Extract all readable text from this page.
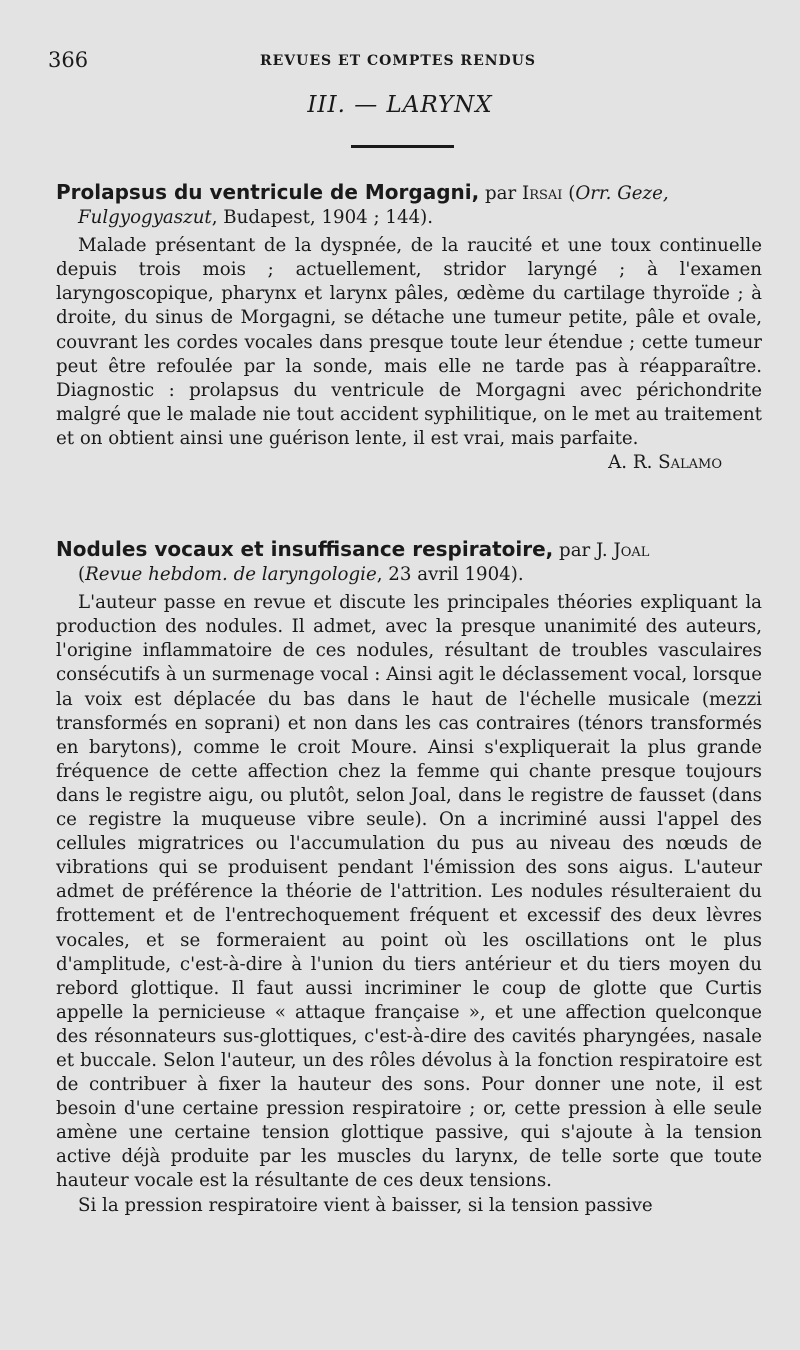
366	REVUES ET COMPTES RENDUS
III. — LARYNX

Prolapsus du ventricule de Morgagni, par Irsai (Orr. Geze,

Fulgyogyaszut, Budapest, 1904 ; 144).

Malade présentant de la dyspnée, de la raucité et une toux continuelle depuis trois mois ; actuellement, stridor laryngé ; à l'examen laryngoscopique, pharynx et larynx pâles, œdème du cartilage thyroïde ; à droite, du sinus de Morgagni, se détache une tumeur petite, pâle et ovale, couvrant les cordes vocales dans presque toute leur étendue ; cette tumeur peut être refoulée par la sonde, mais elle ne tarde pas à réapparaître. Diagnostic : prolapsus du ventricule de Morgagni avec périchondrite malgré que le malade nie tout accident syphilitique, on le met au traitement et on obtient ainsi une guérison lente, il est vrai, mais parfaite.

A. R. Salamo

Nodules vocaux et insuffisance respiratoire, par J. Joal

(Revue hebdom. de laryngologie, 23 avril 1904).

L'auteur passe en revue et discute les principales théories expliquant la production des nodules. Il admet, avec la presque unanimité des auteurs, l'origine inflammatoire de ces nodules, résultant de troubles vasculaires consécutifs à un surmenage vocal : Ainsi agit le déclassement vocal, lorsque la voix est déplacée du bas dans le haut de l'échelle musicale (mezzi transformés en soprani) et non dans les cas contraires (ténors transformés en barytons), comme le croit Moure. Ainsi s'expliquerait la plus grande fréquence de cette affection chez la femme qui chante presque toujours dans le registre aigu, ou plutôt, selon Joal, dans le registre de fausset (dans ce registre la muqueuse vibre seule). On a incriminé aussi l'appel des cellules migratrices ou l'accumulation du pus au niveau des nœuds de vibrations qui se produisent pendant l'émission des sons aigus. L'auteur admet de préférence la théorie de l'attrition. Les nodules résulteraient du frottement et de l'entrechoquement fréquent et excessif des deux lèvres vocales, et se formeraient au point où les oscillations ont le plus d'amplitude, c'est-à-dire à l'union du tiers antérieur et du tiers moyen du rebord glottique. Il faut aussi incriminer le coup de glotte que Curtis appelle la pernicieuse « attaque française », et une affection quelconque des résonnateurs sus-glottiques, c'est-à-dire des cavités pharyngées, nasale et buccale. Selon l'auteur, un des rôles dévolus à la fonction respiratoire est de contribuer à fixer la hauteur des sons. Pour donner une note, il est besoin d'une certaine pression respiratoire ; or, cette pression à elle seule amène une certaine tension glottique passive, qui s'ajoute à la tension active déjà produite par les muscles du larynx, de telle sorte que toute hauteur vocale est la résultante de ces deux tensions.

Si la pression respiratoire vient à baisser, si la tension passive
